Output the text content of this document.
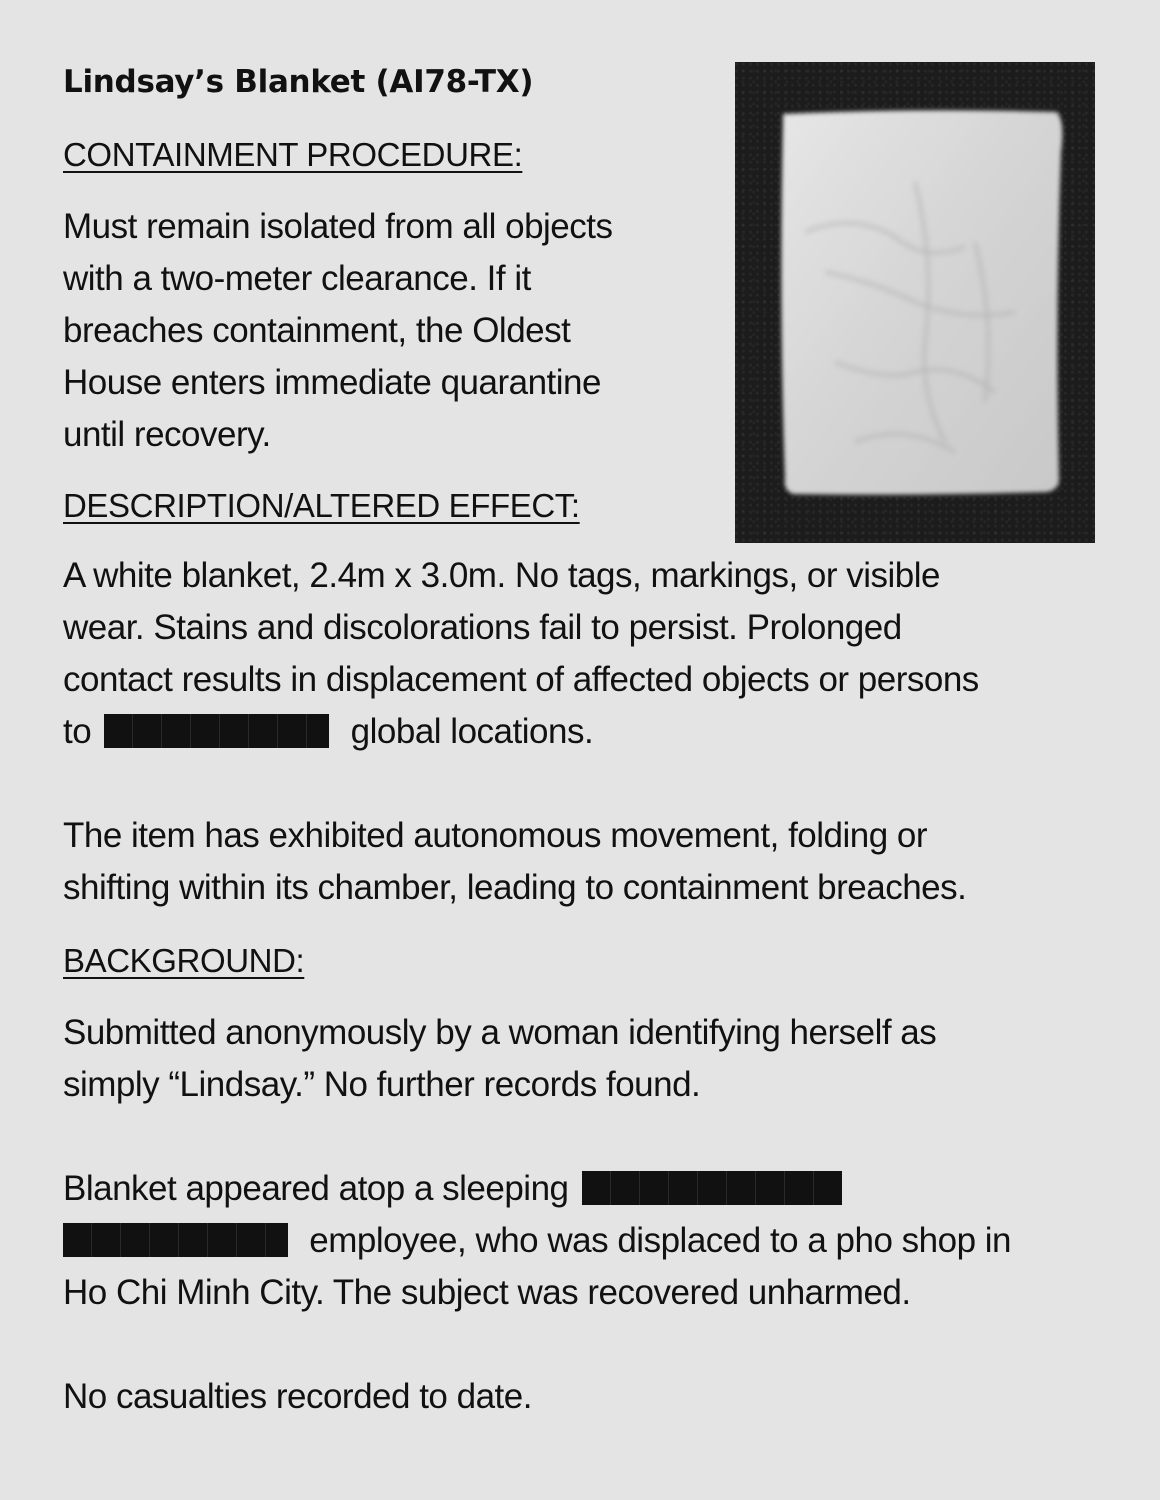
Lindsay’s Blanket (AI78-TX)
CONTAINMENT PROCEDURE:
Must remain isolated from all objects
with a two-meter clearance. If it
breaches containment, the Oldest
House enters immediate quarantine
until recovery.
DESCRIPTION/ALTERED EFFECT:
A white blanket, 2.4m x 3.0m. No tags, markings, or visible
wear. Stains and discolorations fail to persist. Prolonged
contact results in displacement of affected objects or persons
to	global locations.
The item has exhibited autonomous movement, folding or
shifting within its chamber, leading to containment breaches.
BACKGROUND:
Submitted anonymously by a woman identifying herself as
simply “Lindsay.” No further records found.
Blanket appeared atop a sleeping
employee, who was displaced to a pho shop in
Ho Chi Minh City. The subject was recovered unharmed.
No casualties recorded to date.
